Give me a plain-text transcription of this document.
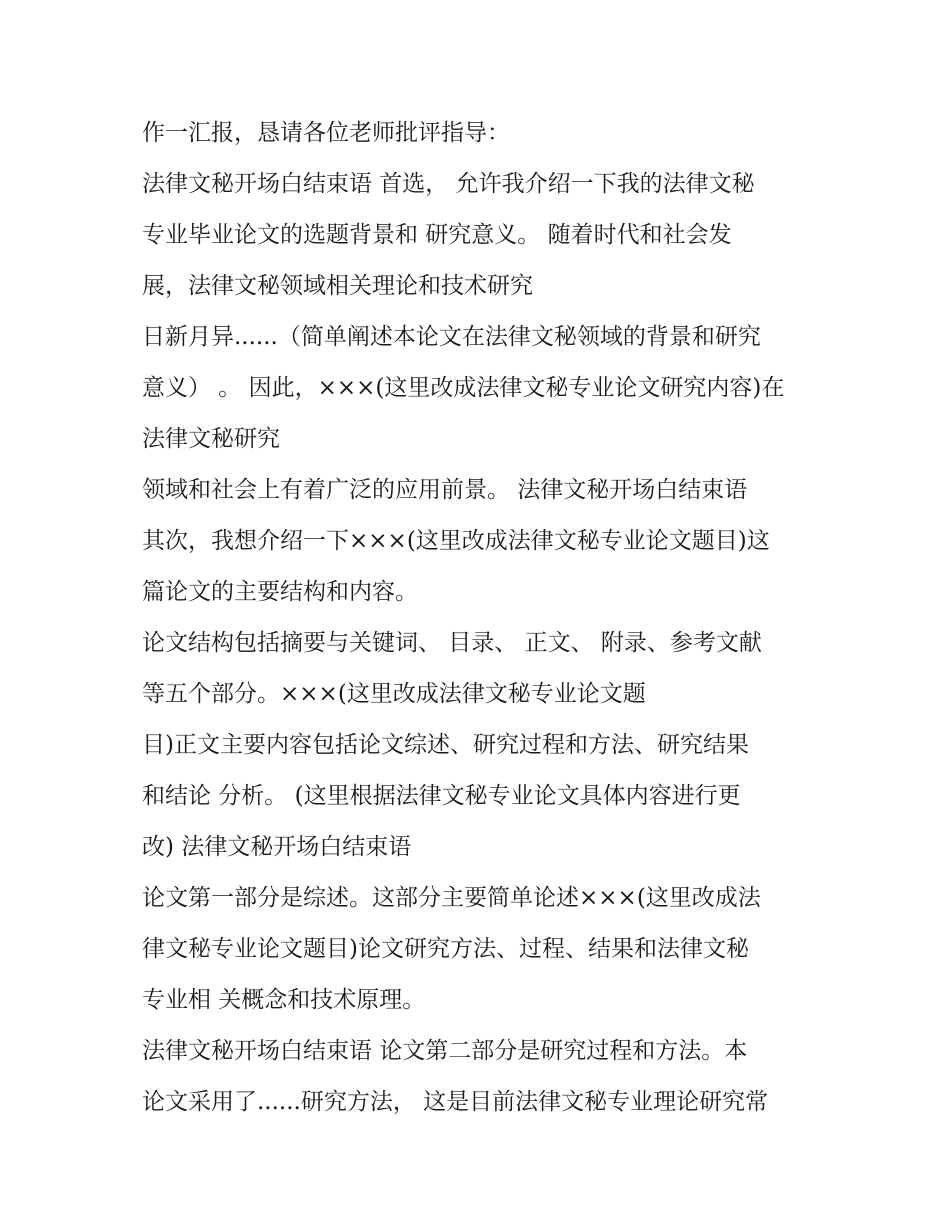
作一汇报，恳请各位老师批评指导：
法律文秘开场白结束语 首选， 允许我介绍一下我的法律文秘
专业毕业论文的选题背景和 研究意义。 随着时代和社会发
展，法律文秘领域相关理论和技术研究
日新月异......（简单阐述本论文在法律文秘领域的背景和研究
意义） 。 因此，×××(这里改成法律文秘专业论文研究内容)在
法律文秘研究
领域和社会上有着广泛的应用前景。 法律文秘开场白结束语
其次，我想介绍一下×××(这里改成法律文秘专业论文题目)这
篇论文的主要结构和内容。
论文结构包括摘要与关键词、 目录、 正文、 附录、参考文献
等五个部分。×××(这里改成法律文秘专业论文题
目)正文主要内容包括论文综述、研究过程和方法、研究结果
和结论 分析。 (这里根据法律文秘专业论文具体内容进行更
改) 法律文秘开场白结束语
论文第一部分是综述。这部分主要简单论述×××(这里改成法
律文秘专业论文题目)论文研究方法、过程、结果和法律文秘
专业相 关概念和技术原理。
法律文秘开场白结束语 论文第二部分是研究过程和方法。本
论文采用了......研究方法， 这是目前法律文秘专业理论研究常
